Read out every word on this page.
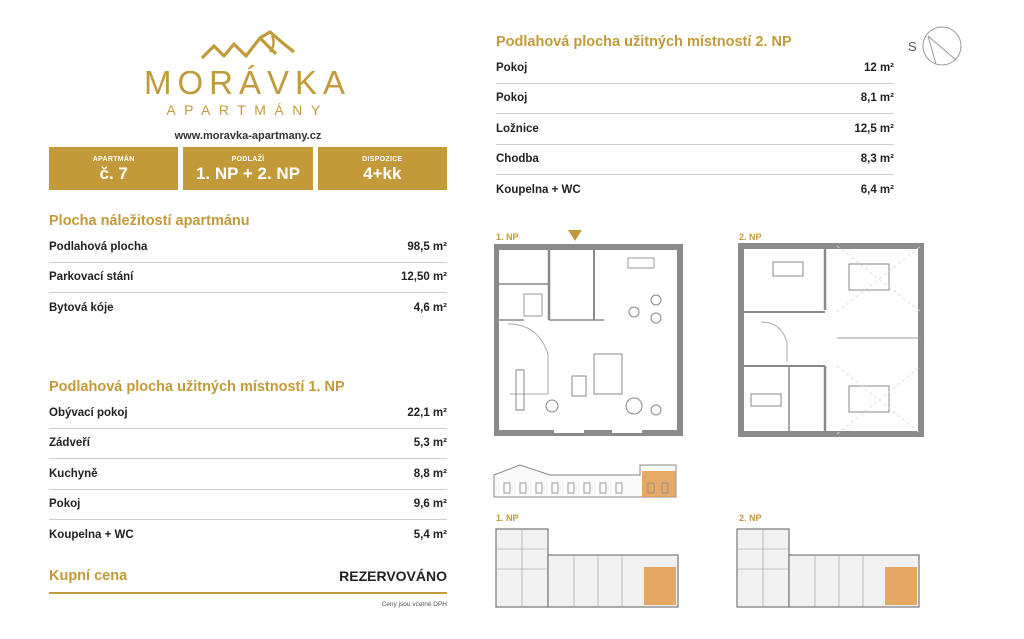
MORÁVKA
APARTMÁNY
www.moravka-apartmany.cz
APARTMÁN
č. 7
PODLAŽÍ
1. NP + 2. NP
DISPOZICE
4+kk
Plocha náležitostí apartmánu
Podlahová plocha	98,5 m²
Parkovací stání	12,50 m²
Bytová kóje	4,6 m²
Podlahová plocha užitných místností 1. NP
Obývací pokoj	22,1 m²
Zádveří	5,3 m²
Kuchyně	8,8 m²
Pokoj	9,6 m²
Koupelna + WC	5,4 m²
Kupní cena	REZERVOVÁNO
Ceny jsou včetně DPH
Podlahová plocha užitných místností 2. NP
Pokoj	12 m²
Pokoj	8,1 m²
Ložnice	12,5 m²
Chodba	8,3 m²
Koupelna + WC	6,4 m²
S
1. NP	2. NP
1. NP	2. NP
